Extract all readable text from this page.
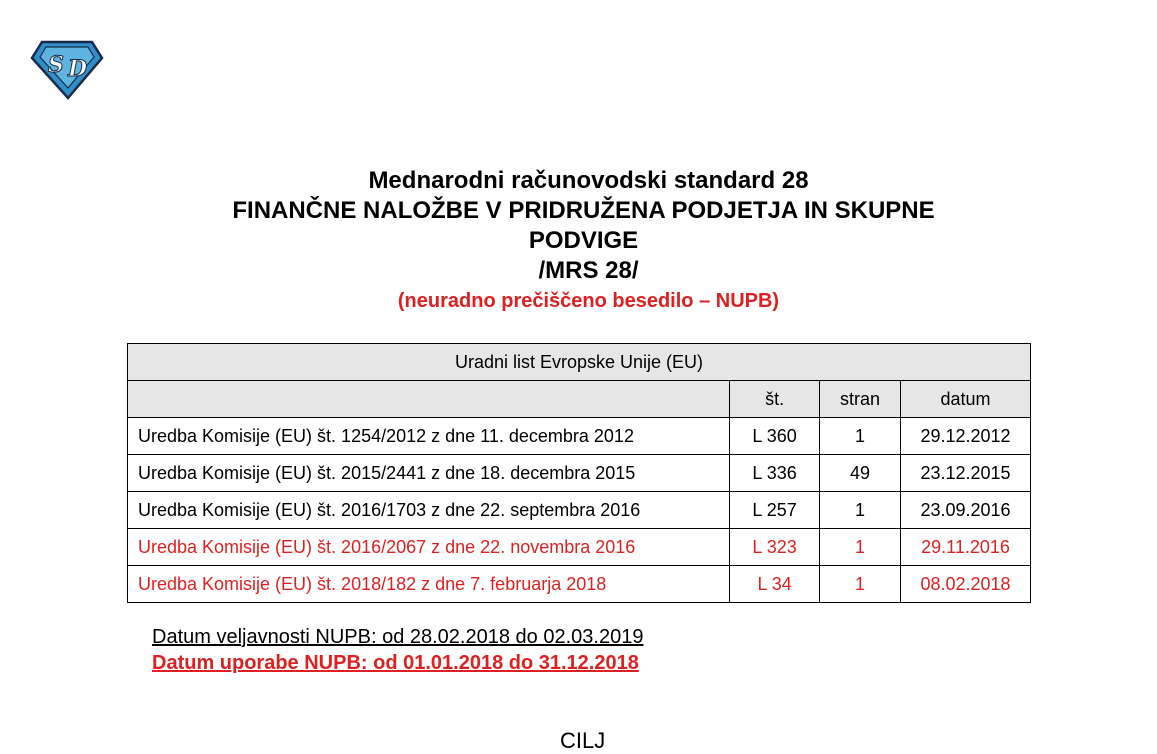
S D
Mednarodni računovodski standard 28
FINANČNE NALOŽBE V PRIDRUŽENA PODJETJA IN SKUPNE
PODVIGE
/MRS 28/
(neuradno prečiščeno besedilo – NUPB)
Uradni list Evropske Unije (EU)			
	št.	stran	datum
Uredba Komisije (EU) št. 1254/2012 z dne 11. decembra 2012	L 360	1	29.12.2012
Uredba Komisije (EU) št. 2015/2441 z dne 18. decembra 2015	L 336	49	23.12.2015
Uredba Komisije (EU) št. 2016/1703 z dne 22. septembra 2016	L 257	1	23.09.2016
Uredba Komisije (EU) št. 2016/2067 z dne 22. novembra 2016	L 323	1	29.11.2016
Uredba Komisije (EU) št. 2018/182 z dne 7. februarja 2018	L 34	1	08.02.2018
Datum veljavnosti NUPB: od 28.02.2018 do 02.03.2019
Datum uporabe NUPB: od 01.01.2018 do 31.12.2018
CILJ
